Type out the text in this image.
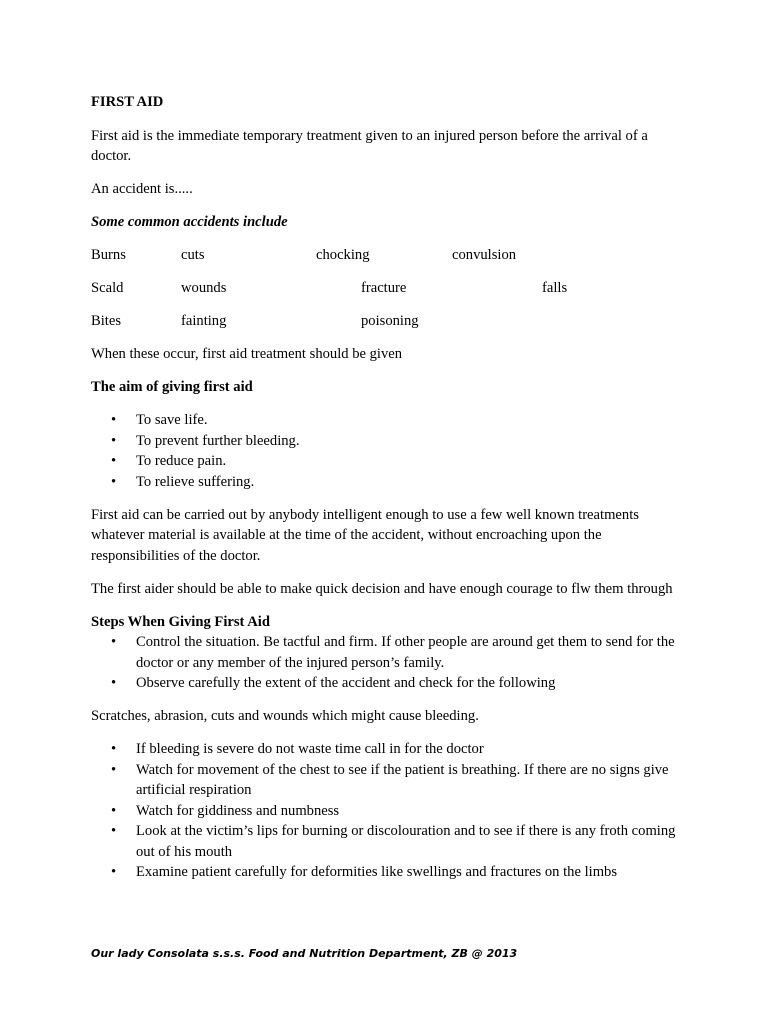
FIRST AID

First aid is the immediate temporary treatment given to an injured person before the arrival of a doctor.

An accident is.....

Some common accidents include

Burns	cuts	chocking	convulsion
Scald	wounds	fracture	falls
Bites	fainting	poisoning

When these occur, first aid treatment should be given

The aim of giving first aid

• To save life.
• To prevent further bleeding.
• To reduce pain.
• To relieve suffering.

First aid can be carried out by anybody intelligent enough to use a few well known treatments whatever material is available at the time of the accident, without encroaching upon the responsibilities of the doctor.

The first aider should be able to make quick decision and have enough courage to flw them through

Steps When Giving First Aid
• Control the situation. Be tactful and firm. If other people are around get them to send for the doctor or any member of the injured person’s family.
• Observe carefully the extent of the accident and check for the following

Scratches, abrasion, cuts and wounds which might cause bleeding.

• If bleeding is severe do not waste time call in for the doctor
• Watch for movement of the chest to see if the patient is breathing. If there are no signs give artificial respiration
• Watch for giddiness and numbness
• Look at the victim’s lips for burning or discolouration and to see if there is any froth coming out of his mouth
• Examine patient carefully for deformities like swellings and fractures on the limbs
Our lady Consolata s.s.s. Food and Nutrition Department, ZB @ 2013
